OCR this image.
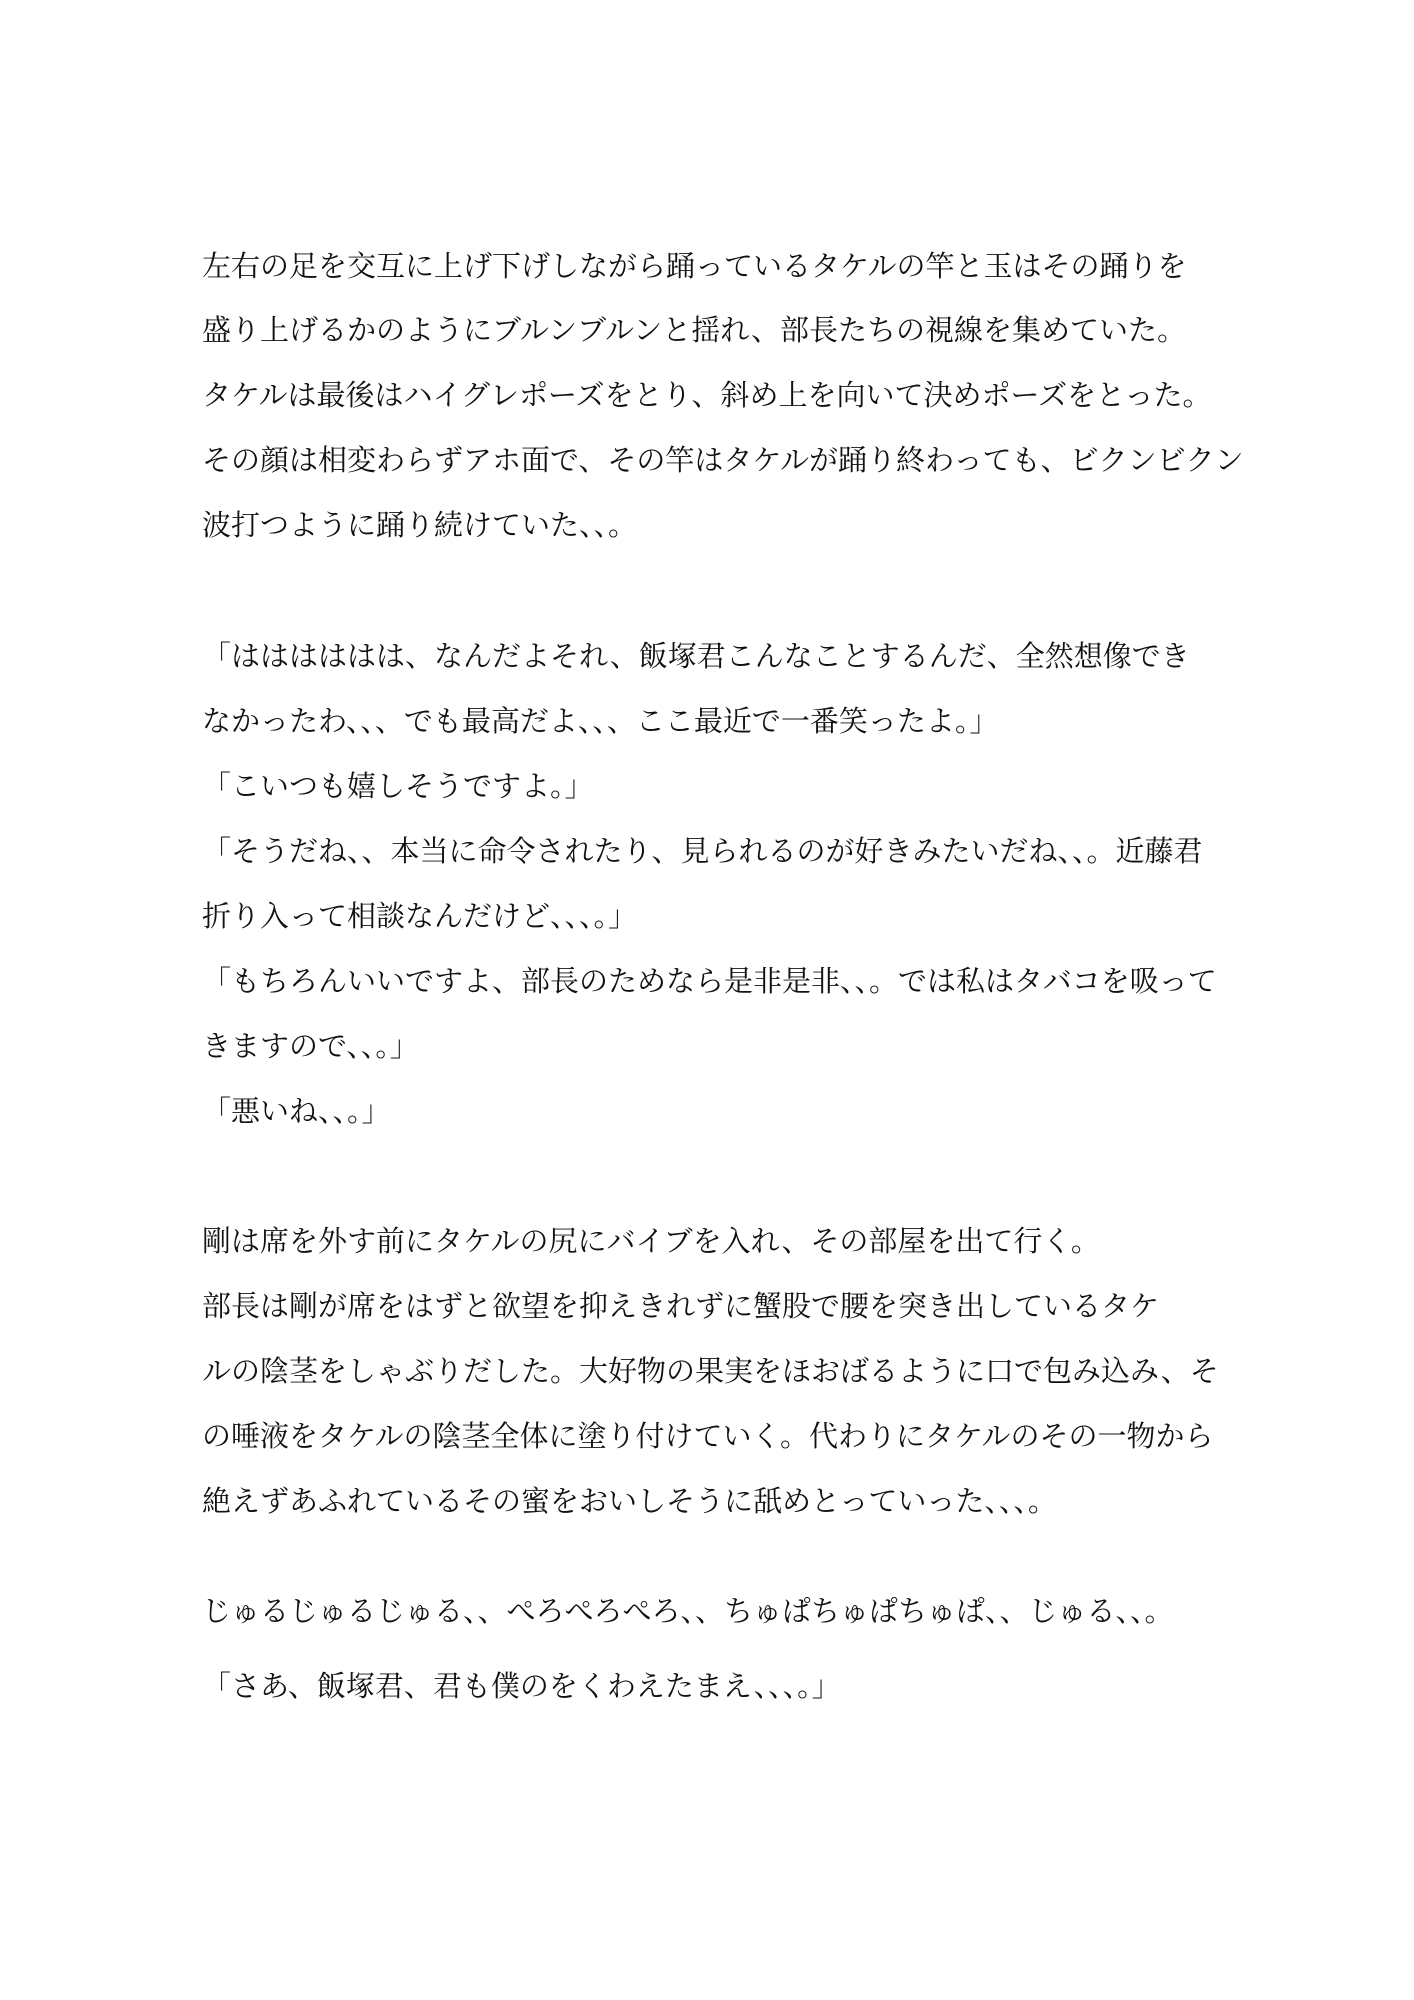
左右の足を交互に上げ下げしながら踊っているタケルの竿と玉はその踊りを
盛り上げるかのようにブルンブルンと揺れ、部長たちの視線を集めていた。
タケルは最後はハイグレポーズをとり、斜め上を向いて決めポーズをとった。
その顔は相変わらずアホ面で、その竿はタケルが踊り終わっても、ビクンビクン
波打つように踊り続けていた、、。
「はははははは、なんだよそれ、飯塚君こんなことするんだ、全然想像でき
なかったわ、、、でも最高だよ、、、ここ最近で一番笑ったよ。」
「こいつも嬉しそうですよ。」
「そうだね、、本当に命令されたり、見られるのが好きみたいだね、、。近藤君
折り入って相談なんだけど、、、。」
「もちろんいいですよ、部長のためなら是非是非、、。では私はタバコを吸って
きますので、、。」
「悪いね、、。」
剛は席を外す前にタケルの尻にバイブを入れ、その部屋を出て行く。
部長は剛が席をはずと欲望を抑えきれずに蟹股で腰を突き出しているタケ
ルの陰茎をしゃぶりだした。大好物の果実をほおばるように口で包み込み、そ
の唾液をタケルの陰茎全体に塗り付けていく。代わりにタケルのその一物から
絶えずあふれているその蜜をおいしそうに舐めとっていった、、、。
じゅるじゅるじゅる、、ぺろぺろぺろ、、ちゅぱちゅぱちゅぱ、、じゅる、、。
「さあ、飯塚君、君も僕のをくわえたまえ、、、。」
